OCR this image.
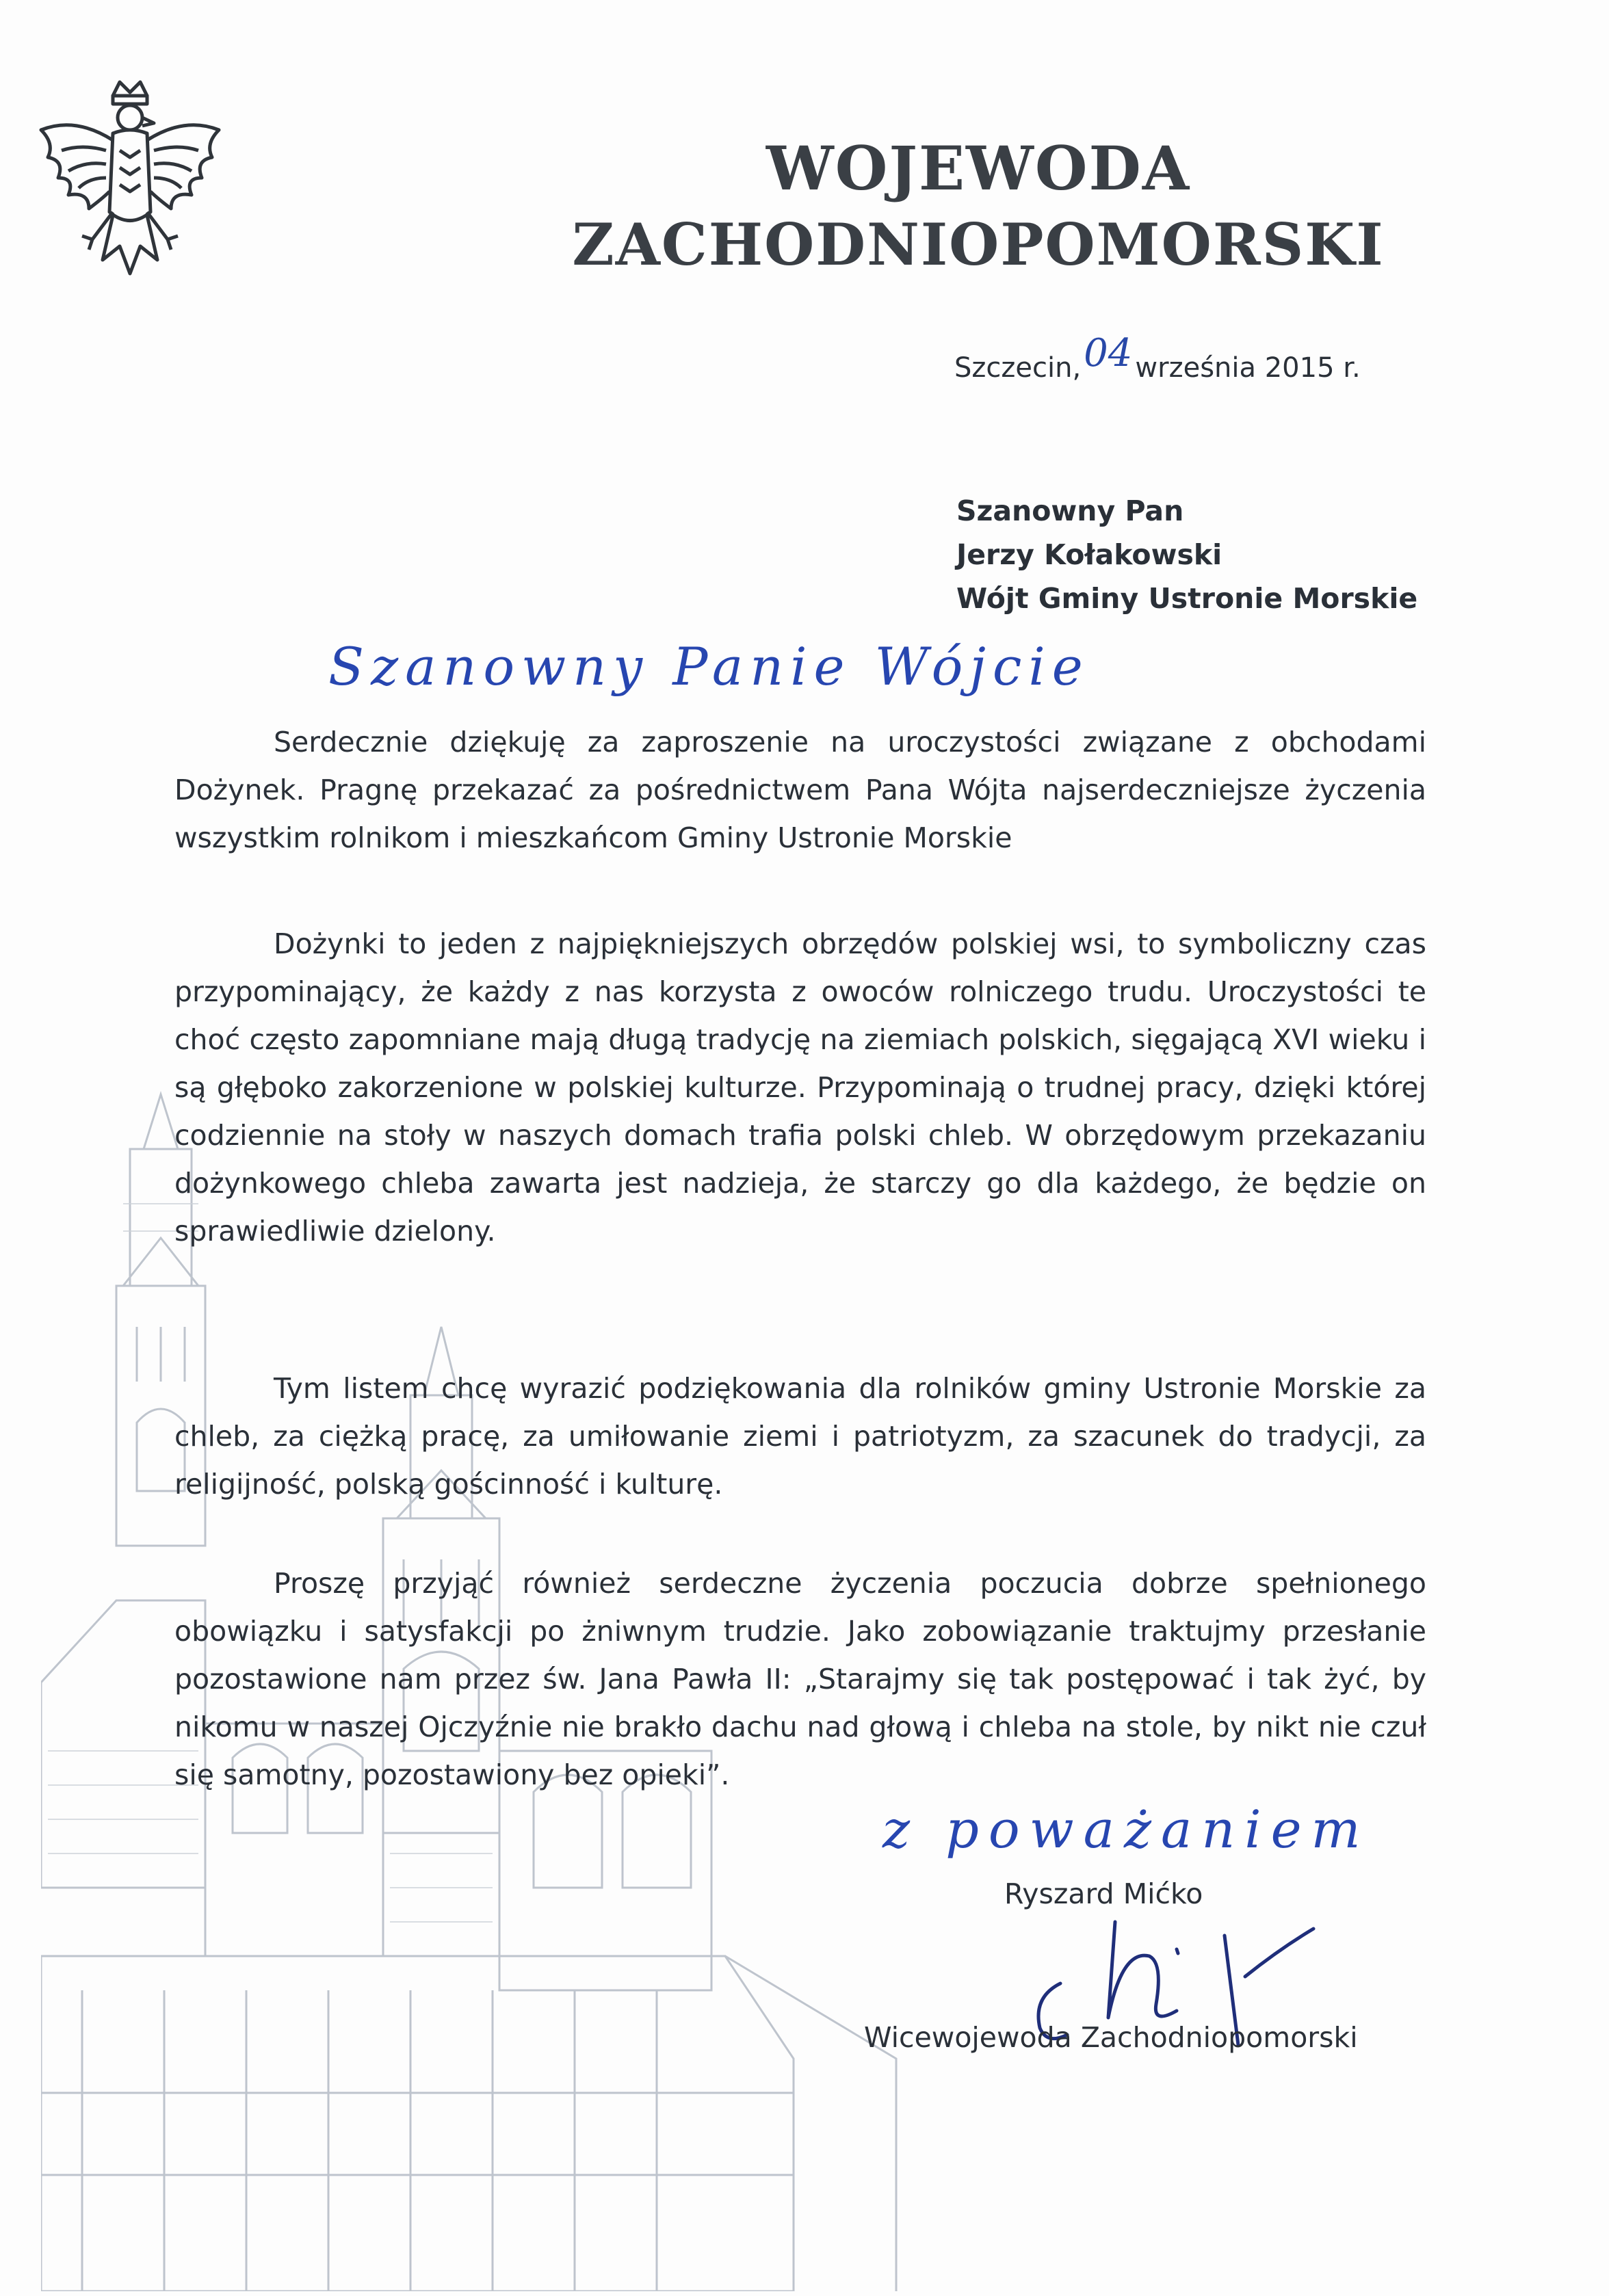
WOJEWODA
ZACHODNIOPOMORSKI
Szczecin,04 września 2015 r.
Szanowny Pan
Jerzy Kołakowski
Wójt Gminy Ustronie Morskie
Szanowny Panie Wójcie

Serdecznie dziękuję za zaproszenie na uroczystości związane z obchodami Dożynek. Pragnę przekazać za pośrednictwem Pana Wójta najserdeczniejsze życzenia wszystkim rolnikom i mieszkańcom Gminy Ustronie Morskie

Dożynki to jeden z najpiękniejszych obrzędów polskiej wsi, to symboliczny czas przypominający, że każdy z nas korzysta z owoców rolniczego trudu. Uroczystości te choć często zapomniane mają długą tradycję na ziemiach polskich, sięgającą XVI wieku i są głęboko zakorzenione w polskiej kulturze. Przypominają o trudnej pracy, dzięki której codziennie na stoły w naszych domach trafia polski chleb. W obrzędowym przekazaniu dożynkowego chleba zawarta jest nadzieja, że starczy go dla każdego, że będzie on sprawiedliwie dzielony.

Tym listem chcę wyrazić podziękowania dla rolników gminy Ustronie Morskie za chleb, za ciężką pracę, za umiłowanie ziemi i patriotyzm, za szacunek do tradycji, za religijność, polską gościnność i kulturę.

Proszę przyjąć również serdeczne życzenia poczucia dobrze spełnionego obowiązku i satysfakcji po żniwnym trudzie. Jako zobowiązanie traktujmy przesłanie pozostawione nam przez św. Jana Pawła II: „Starajmy się tak postępować i tak żyć, by nikomu w naszej Ojczyźnie nie brakło dachu nad głową i chleba na stole, by nikt nie czuł się samotny, pozostawiony bez opieki”.

z poważaniem
Ryszard Mićko
Wicewojewoda Zachodniopomorski
